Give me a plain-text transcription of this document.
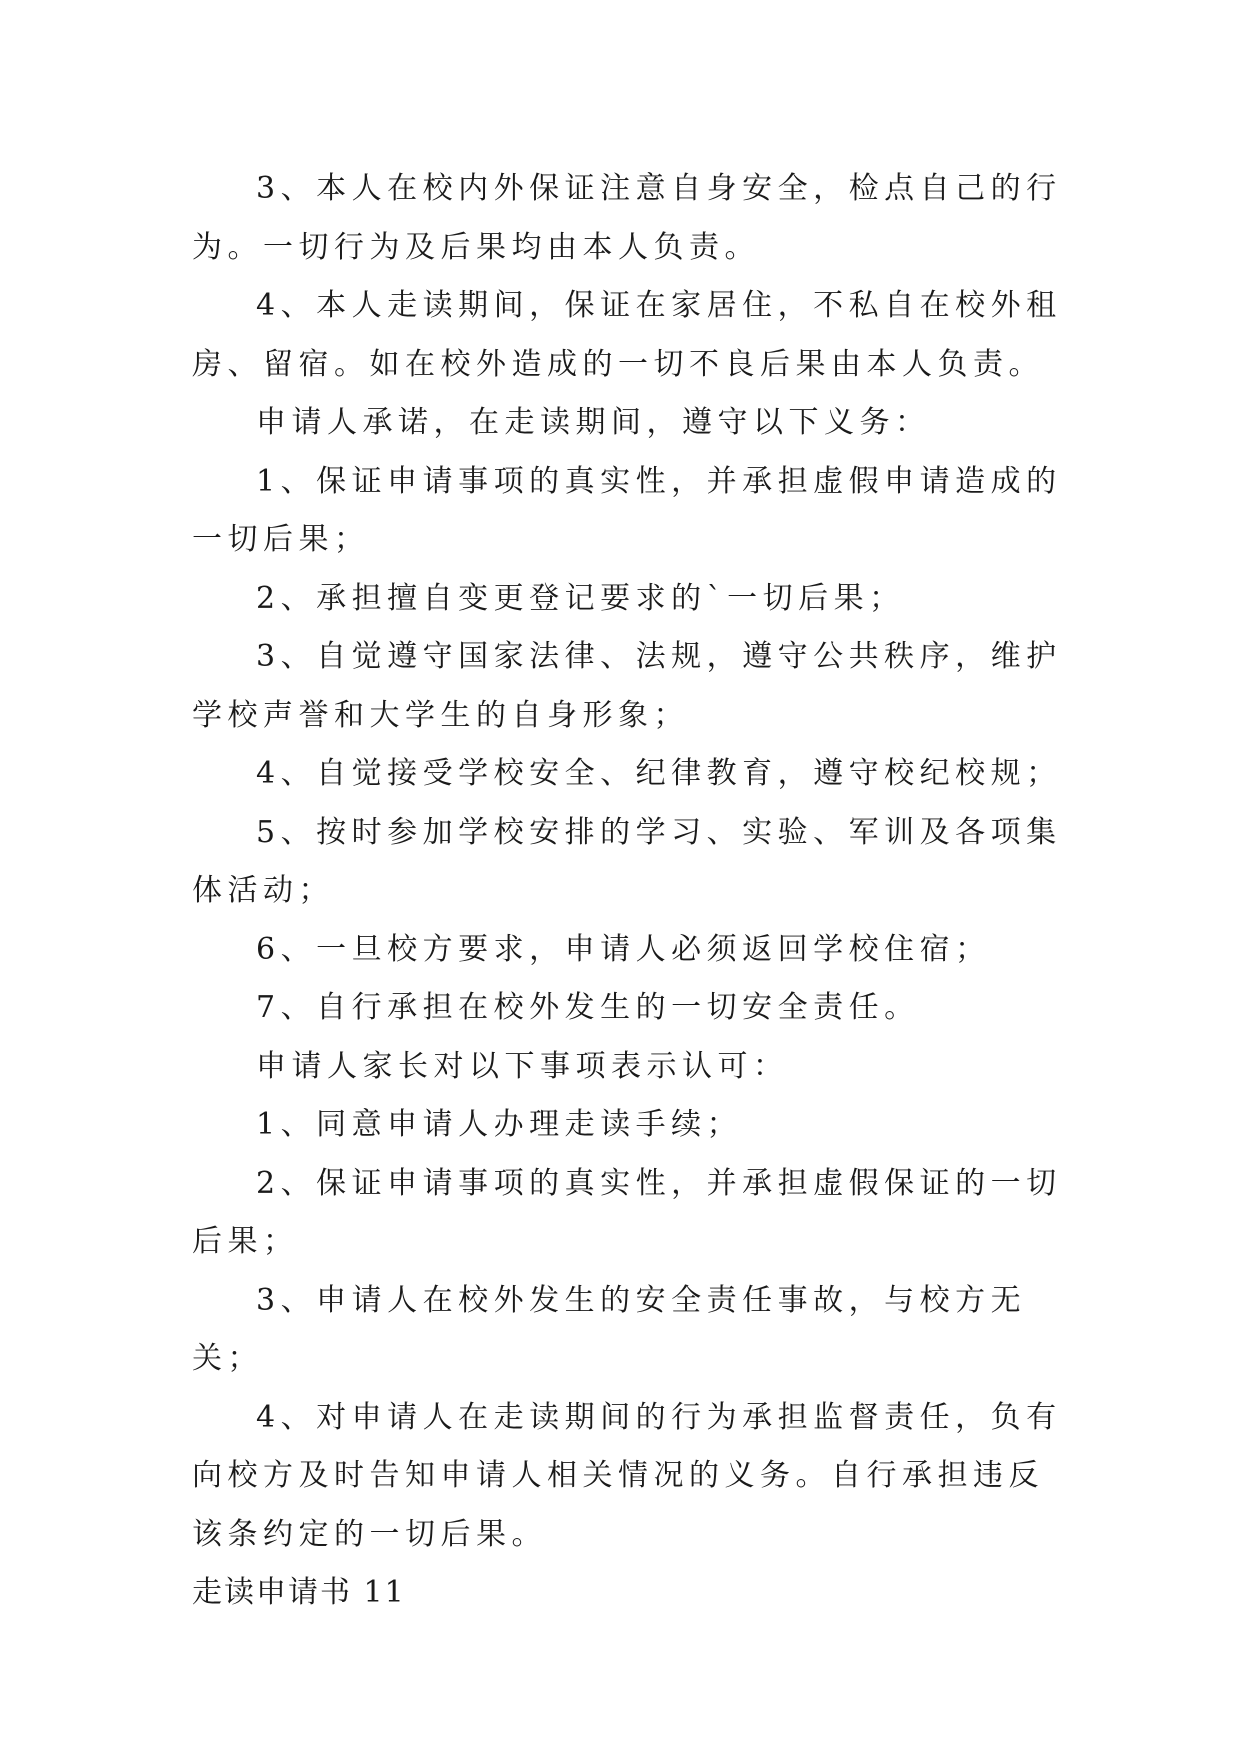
3、本人在校内外保证注意自身安全，检点自己的行为。一切行为及后果均由本人负责。

4、本人走读期间，保证在家居住，不私自在校外租房、留宿。如在校外造成的一切不良后果由本人负责。

申请人承诺，在走读期间，遵守以下义务：

1、保证申请事项的真实性，并承担虚假申请造成的一切后果；

2、承担擅自变更登记要求的`一切后果；

3、自觉遵守国家法律、法规，遵守公共秩序，维护学校声誉和大学生的自身形象；

4、自觉接受学校安全、纪律教育，遵守校纪校规；

5、按时参加学校安排的学习、实验、军训及各项集体活动；

6、一旦校方要求，申请人必须返回学校住宿；

7、自行承担在校外发生的一切安全责任。

申请人家长对以下事项表示认可：

1、同意申请人办理走读手续；

2、保证申请事项的真实性，并承担虚假保证的一切后果；

3、申请人在校外发生的安全责任事故，与校方无关；

4、对申请人在走读期间的行为承担监督责任，负有向校方及时告知申请人相关情况的义务。自行承担违反该条约定的一切后果。

走读申请书 11
